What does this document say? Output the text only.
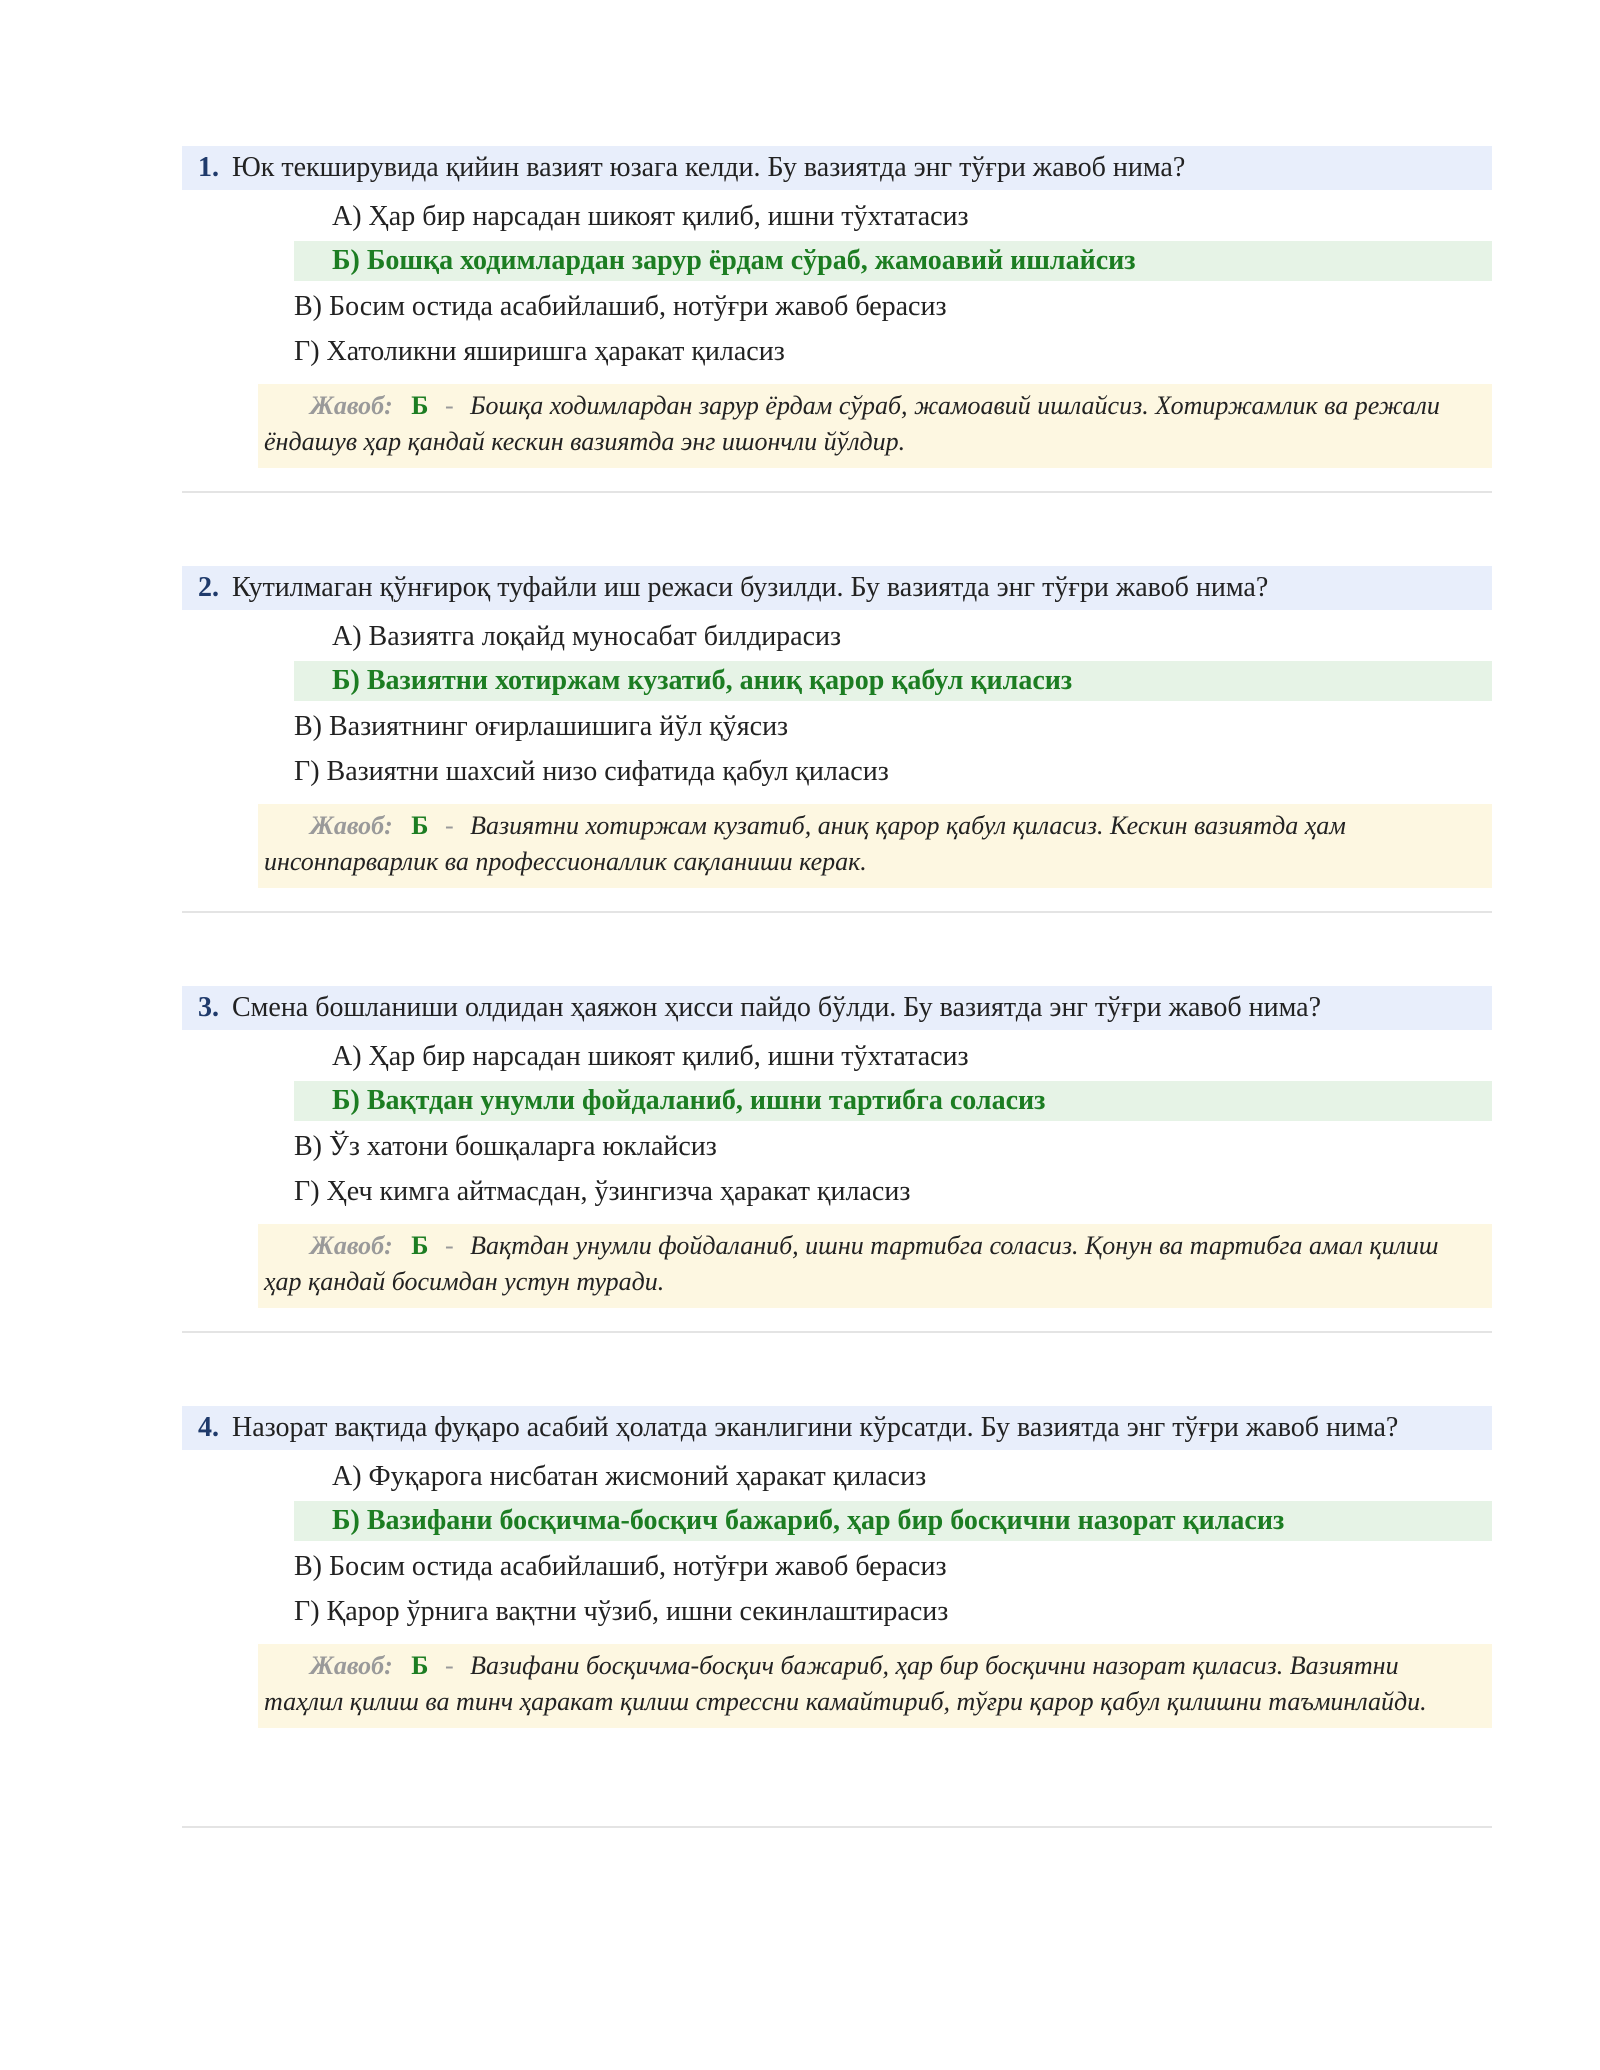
1. Юк текширувида қийин вазият юзага келди. Бу вазиятда энг тўғри жавоб нима?
А) Ҳар бир нарсадан шикоят қилиб, ишни тўхтатасиз
Б) Бошқа ходимлардан зарур ёрдам сўраб, жамоавий ишлайсиз
В) Босим остида асабийлашиб, нотўғри жавоб берасиз
Г) Хатоликни яширишга ҳаракат қиласиз
Жавоб: Б - Бошқа ходимлардан зарур ёрдам сўраб, жамоавий ишлайсиз. Хотиржамлик ва режали ёндашув ҳар қандай кескин вазиятда энг ишончли йўлдир.
2. Кутилмаган қўнғироқ туфайли иш режаси бузилди. Бу вазиятда энг тўғри жавоб нима?
А) Вазиятга лоқайд муносабат билдирасиз
Б) Вазиятни хотиржам кузатиб, аниқ қарор қабул қиласиз
В) Вазиятнинг оғирлашишига йўл қўясиз
Г) Вазиятни шахсий низо сифатида қабул қиласиз
Жавоб: Б - Вазиятни хотиржам кузатиб, аниқ қарор қабул қиласиз. Кескин вазиятда ҳам инсонпарварлик ва профессионаллик сақланиши керак.
3. Смена бошланиши олдидан ҳаяжон ҳисси пайдо бўлди. Бу вазиятда энг тўғри жавоб нима?
А) Ҳар бир нарсадан шикоят қилиб, ишни тўхтатасиз
Б) Вақтдан унумли фойдаланиб, ишни тартибга соласиз
В) Ўз хатони бошқаларга юклайсиз
Г) Ҳеч кимга айтмасдан, ўзингизча ҳаракат қиласиз
Жавоб: Б - Вақтдан унумли фойдаланиб, ишни тартибга соласиз. Қонун ва тартибга амал қилиш ҳар қандай босимдан устун туради.
4. Назорат вақтида фуқаро асабий ҳолатда эканлигини кўрсатди. Бу вазиятда энг тўғри жавоб нима?
А) Фуқарога нисбатан жисмоний ҳаракат қиласиз
Б) Вазифани босқичма-босқич бажариб, ҳар бир босқични назорат қиласиз
В) Босим остида асабийлашиб, нотўғри жавоб берасиз
Г) Қарор ўрнига вақтни чўзиб, ишни секинлаштирасиз
Жавоб: Б - Вазифани босқичма-босқич бажариб, ҳар бир босқични назорат қиласиз. Вазиятни таҳлил қилиш ва тинч ҳаракат қилиш стрессни камайтириб, тўғри қарор қабул қилишни таъминлайди.
